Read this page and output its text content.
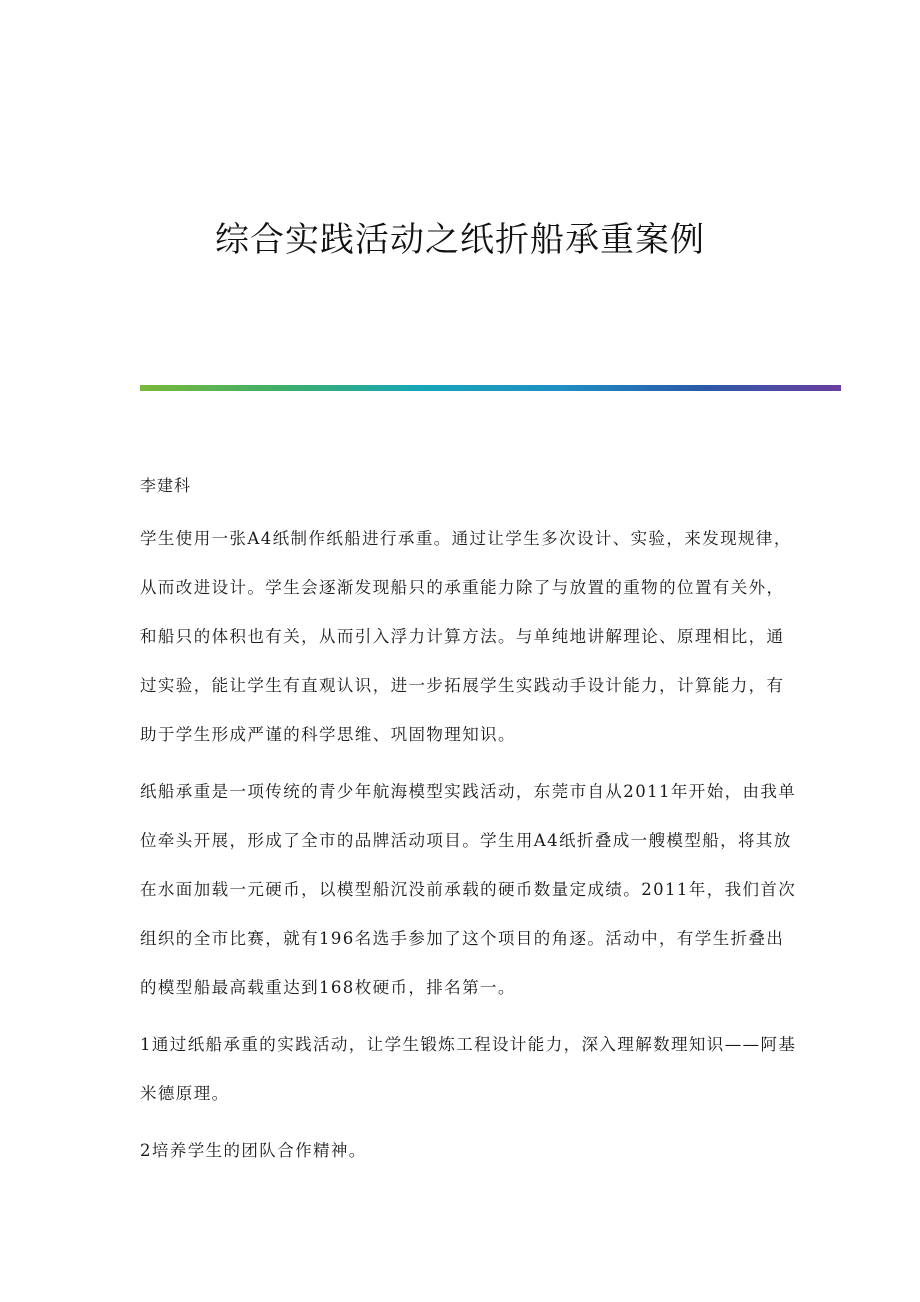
综合实践活动之纸折船承重案例

李建科

学生使用一张A4纸制作纸船进行承重。通过让学生多次设计、实验，来发现规律，从而改进设计。学生会逐渐发现船只的承重能力除了与放置的重物的位置有关外，和船只的体积也有关，从而引入浮力计算方法。与单纯地讲解理论、原理相比，通过实验，能让学生有直观认识，进一步拓展学生实践动手设计能力，计算能力，有助于学生形成严谨的科学思维、巩固物理知识。

纸船承重是一项传统的青少年航海模型实践活动，东莞市自从2011年开始，由我单位牵头开展，形成了全市的品牌活动项目。学生用A4纸折叠成一艘模型船，将其放在水面加载一元硬币，以模型船沉没前承载的硬币数量定成绩。2011年，我们首次组织的全市比赛，就有196名选手参加了这个项目的角逐。活动中，有学生折叠出的模型船最高载重达到168枚硬币，排名第一。

1通过纸船承重的实践活动，让学生锻炼工程设计能力，深入理解数理知识——阿基米德原理。

2培养学生的团队合作精神。
